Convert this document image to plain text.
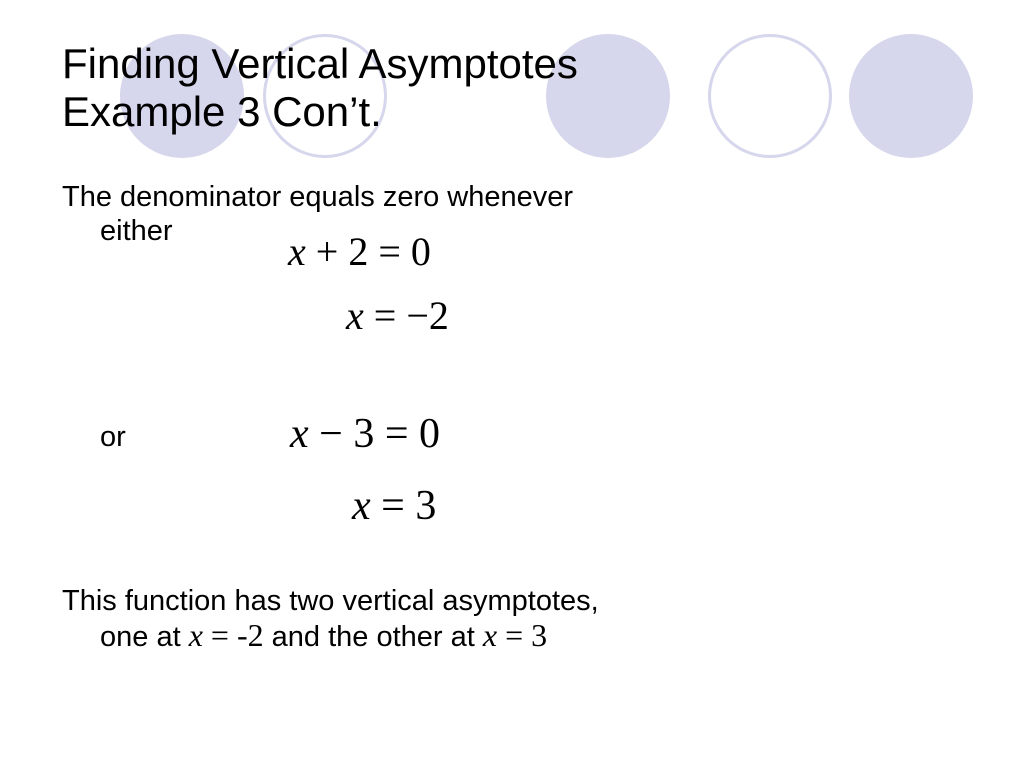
Finding Vertical Asymptotes
Example 3 Con’t.
The denominator equals zero whenever
either	x + 2 = 0
x = −2
or	x − 3 = 0
x = 3
This function has two vertical asymptotes,
one at x = -2 and the other at x = 3
